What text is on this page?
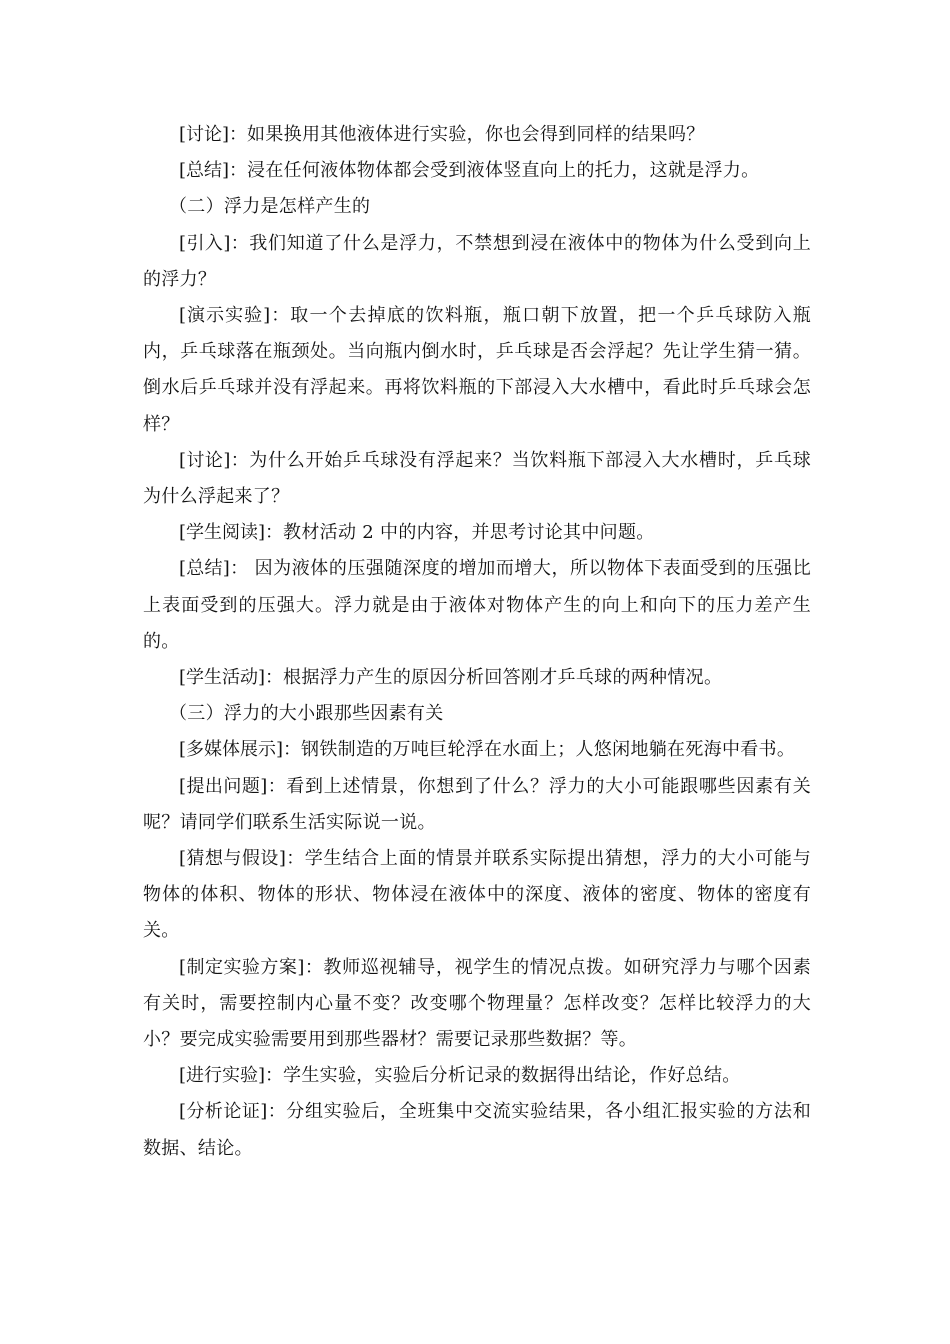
[讨论]：如果换用其他液体进行实验，你也会得到同样的结果吗？

[总结]：浸在任何液体物体都会受到液体竖直向上的托力，这就是浮力。

（二）浮力是怎样产生的

[引入]：我们知道了什么是浮力，不禁想到浸在液体中的物体为什么受到向上的浮力？

[演示实验]：取一个去掉底的饮料瓶，瓶口朝下放置，把一个乒乓球防入瓶内，乒乓球落在瓶颈处。当向瓶内倒水时，乒乓球是否会浮起？先让学生猜一猜。倒水后乒乓球并没有浮起来。再将饮料瓶的下部浸入大水槽中，看此时乒乓球会怎样？

[讨论]：为什么开始乒乓球没有浮起来？当饮料瓶下部浸入大水槽时，乒乓球为什么浮起来了？

[学生阅读]：教材活动 2 中的内容，并思考讨论其中问题。

[总结]： 因为液体的压强随深度的增加而增大，所以物体下表面受到的压强比上表面受到的压强大。浮力就是由于液体对物体产生的向上和向下的压力差产生的。

[学生活动]：根据浮力产生的原因分析回答刚才乒乓球的两种情况。

（三）浮力的大小跟那些因素有关

[多媒体展示]：钢铁制造的万吨巨轮浮在水面上；人悠闲地躺在死海中看书。

[提出问题]：看到上述情景，你想到了什么？浮力的大小可能跟哪些因素有关呢？请同学们联系生活实际说一说。

[猜想与假设]：学生结合上面的情景并联系实际提出猜想，浮力的大小可能与物体的体积、物体的形状、物体浸在液体中的深度、液体的密度、物体的密度有关。

[制定实验方案]：教师巡视辅导，视学生的情况点拨。如研究浮力与哪个因素有关时，需要控制内心量不变？改变哪个物理量？怎样改变？怎样比较浮力的大小？要完成实验需要用到那些器材？需要记录那些数据？等。

[进行实验]：学生实验，实验后分析记录的数据得出结论，作好总结。

[分析论证]：分组实验后，全班集中交流实验结果，各小组汇报实验的方法和数据、结论。
